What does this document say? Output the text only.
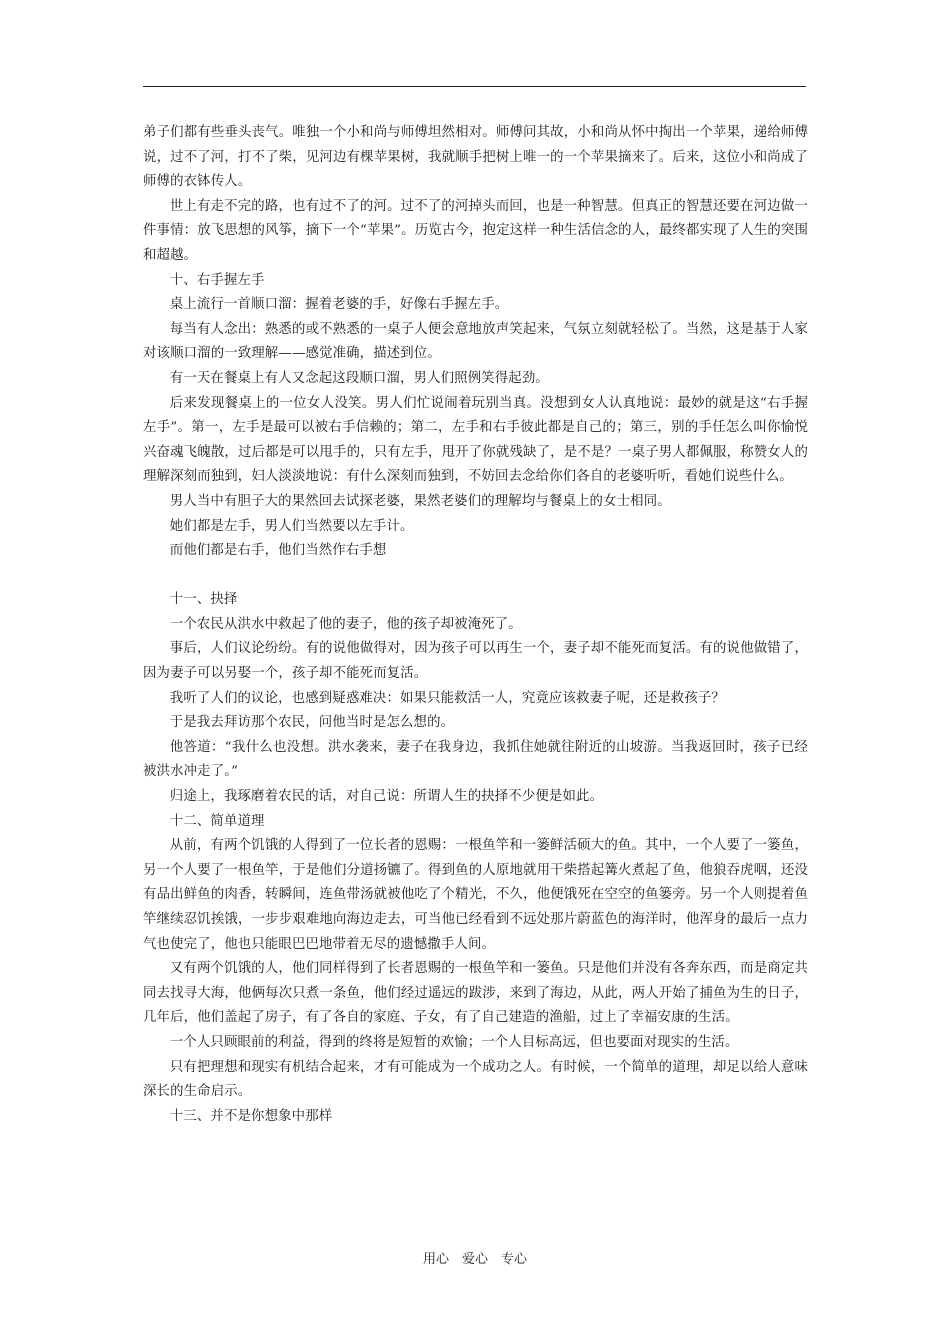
弟子们都有些垂头丧气。唯独一个小和尚与师傅坦然相对。师傅问其故，小和尚从怀中掏出一个苹果，递给师傅说，过不了河，打不了柴，见河边有棵苹果树，我就顺手把树上唯一的一个苹果摘来了。后来，这位小和尚成了师傅的衣钵传人。

世上有走不完的路，也有过不了的河。过不了的河掉头而回，也是一种智慧。但真正的智慧还要在河边做一件事情：放飞思想的风筝，摘下一个“苹果”。历览古今，抱定这样一种生活信念的人，最终都实现了人生的突围和超越。

十、右手握左手

桌上流行一首顺口溜：握着老婆的手，好像右手握左手。

每当有人念出：熟悉的或不熟悉的一桌子人便会意地放声笑起来，气氛立刻就轻松了。当然，这是基于人家对该顺口溜的一致理解——感觉准确，描述到位。

有一天在餐桌上有人又念起这段顺口溜，男人们照例笑得起劲。

后来发现餐桌上的一位女人没笑。男人们忙说闹着玩别当真。没想到女人认真地说：最妙的就是这“右手握左手”。第一，左手是最可以被右手信赖的；第二，左手和右手彼此都是自己的；第三，别的手任怎么叫你愉悦兴奋魂飞魄散，过后都是可以甩手的，只有左手，甩开了你就残缺了，是不是？一桌子男人都佩服，称赞女人的理解深刻而独到，妇人淡淡地说：有什么深刻而独到，不妨回去念给你们各自的老婆听听，看她们说些什么。

男人当中有胆子大的果然回去试探老婆，果然老婆们的理解均与餐桌上的女士相同。

她们都是左手，男人们当然要以左手计。

而他们都是右手，他们当然作右手想

十一、抉择

一个农民从洪水中救起了他的妻子，他的孩子却被淹死了。

事后，人们议论纷纷。有的说他做得对，因为孩子可以再生一个，妻子却不能死而复活。有的说他做错了，因为妻子可以另娶一个，孩子却不能死而复活。

我听了人们的议论，也感到疑惑难决：如果只能救活一人，究竟应该救妻子呢，还是救孩子？

于是我去拜访那个农民，问他当时是怎么想的。

他答道：“我什么也没想。洪水袭来，妻子在我身边，我抓住她就往附近的山坡游。当我返回时，孩子已经被洪水冲走了。”

归途上，我琢磨着农民的话，对自己说：所谓人生的抉择不少便是如此。

十二、简单道理

从前，有两个饥饿的人得到了一位长者的恩赐：一根鱼竿和一篓鲜活硕大的鱼。其中，一个人要了一篓鱼，另一个人要了一根鱼竿，于是他们分道扬镳了。得到鱼的人原地就用干柴搭起篝火煮起了鱼，他狼吞虎咽，还没有品出鲜鱼的肉香，转瞬间，连鱼带汤就被他吃了个精光，不久，他便饿死在空空的鱼篓旁。另一个人则提着鱼竿继续忍饥挨饿，一步步艰难地向海边走去，可当他已经看到不远处那片蔚蓝色的海洋时，他浑身的最后一点力气也使完了，他也只能眼巴巴地带着无尽的遗憾撒手人间。

又有两个饥饿的人，他们同样得到了长者恩赐的一根鱼竿和一篓鱼。只是他们并没有各奔东西，而是商定共同去找寻大海，他俩每次只煮一条鱼，他们经过遥远的跋涉，来到了海边，从此，两人开始了捕鱼为生的日子，几年后，他们盖起了房子，有了各自的家庭、子女，有了自己建造的渔船，过上了幸福安康的生活。

一个人只顾眼前的利益，得到的终将是短暂的欢愉；一个人目标高远，但也要面对现实的生活。

只有把理想和现实有机结合起来，才有可能成为一个成功之人。有时候，一个简单的道理，却足以给人意味深长的生命启示。

十三、并不是你想象中那样

用心　爱心　专心
